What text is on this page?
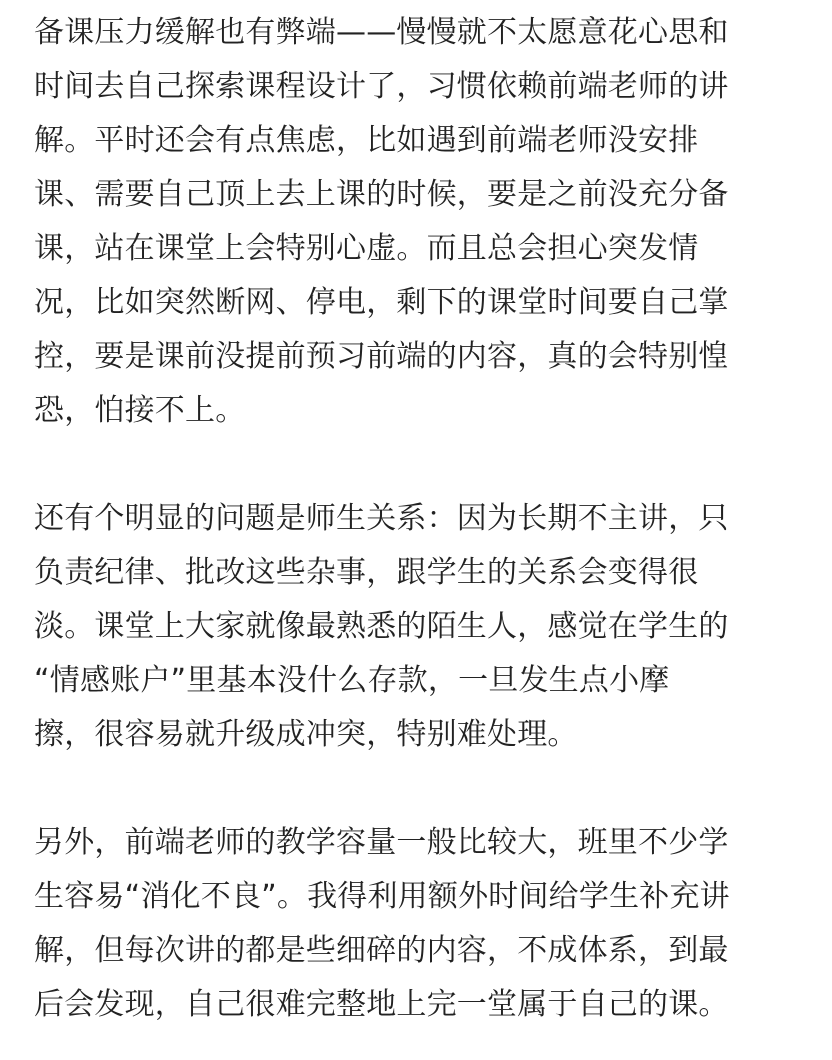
备课压力缓解也有弊端——慢慢就不太愿意花心思和
时间去自己探索课程设计了，习惯依赖前端老师的讲
解。平时还会有点焦虑，比如遇到前端老师没安排
课、需要自己顶上去上课的时候，要是之前没充分备
课，站在课堂上会特别心虚。而且总会担心突发情
况，比如突然断网、停电，剩下的课堂时间要自己掌
控，要是课前没提前预习前端的内容，真的会特别惶
恐，怕接不上。

还有个明显的问题是师生关系：因为长期不主讲，只
负责纪律、批改这些杂事，跟学生的关系会变得很
淡。课堂上大家就像最熟悉的陌生人，感觉在学生的
“情感账户”里基本没什么存款，一旦发生点小摩
擦，很容易就升级成冲突，特别难处理。

另外，前端老师的教学容量一般比较大，班里不少学
生容易“消化不良”。我得利用额外时间给学生补充讲
解，但每次讲的都是些细碎的内容，不成体系，到最
后会发现，自己很难完整地上完一堂属于自己的课。
